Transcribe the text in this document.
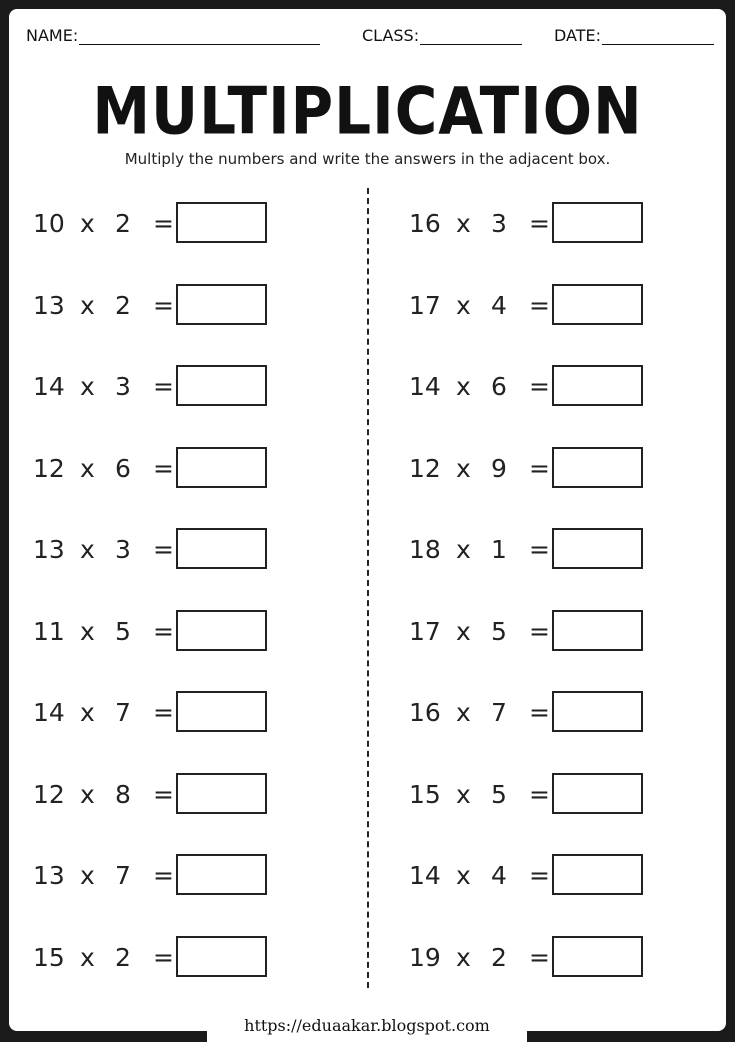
NAME:	CLASS:	DATE:
MULTIPLICATION
Multiply the numbers and write the answers in the adjacent box.
10 x 2 =
13 x 2 =
14 x 3 =
12 x 6 =
13 x 3 =
11 x 5 =
14 x 7 =
12 x 8 =
13 x 7 =
15 x 2 =
16 x 3 =
17 x 4 =
14 x 6 =
12 x 9 =
18 x 1 =
17 x 5 =
16 x 7 =
15 x 5 =
14 x 4 =
19 x 2 =
https://eduaakar.blogspot.com
